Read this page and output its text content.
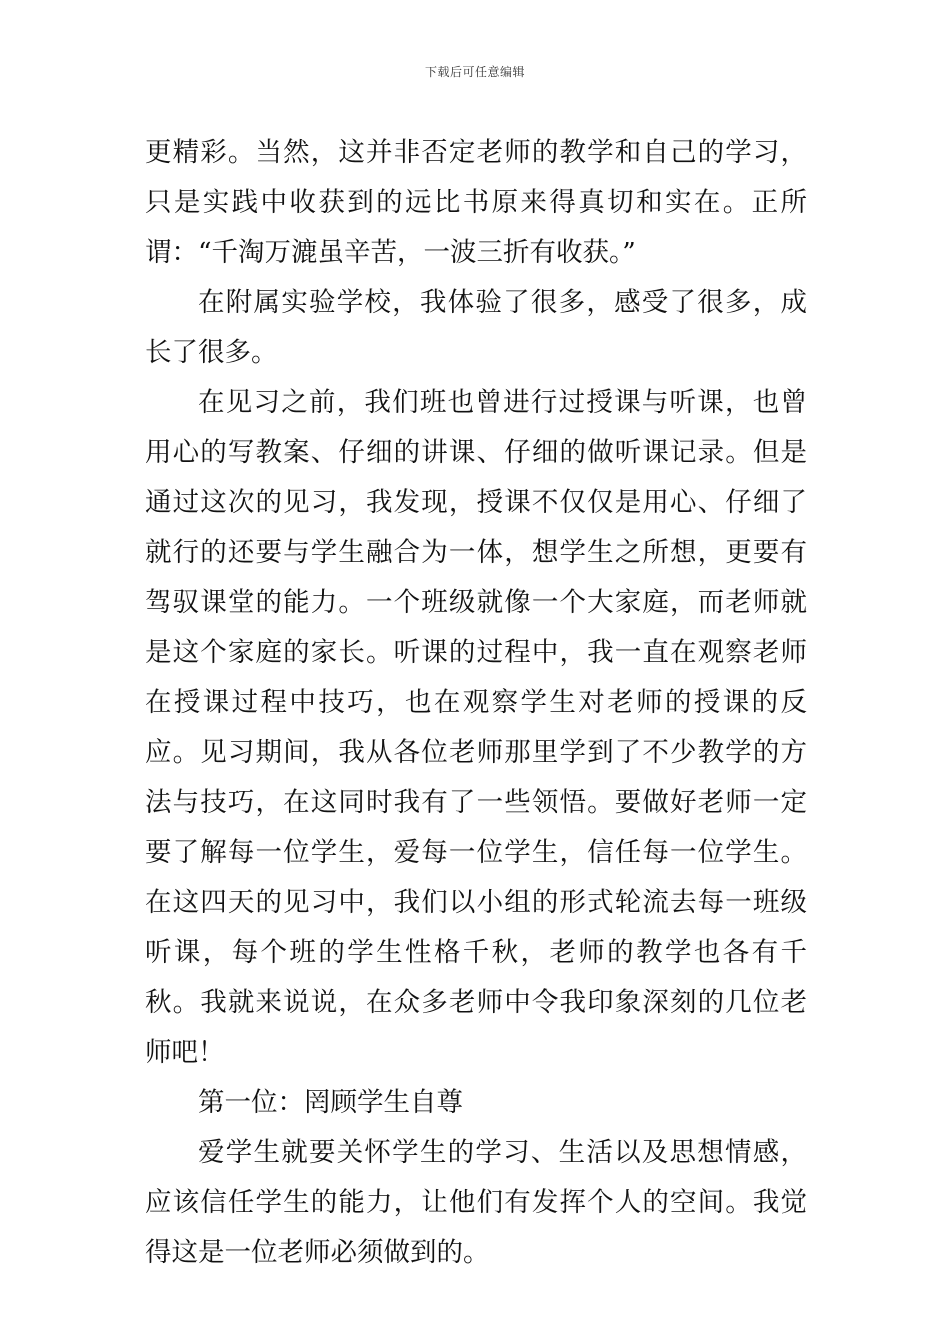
下载后可任意编辑

更精彩。当然，这并非否定老师的教学和自己的学习，只是实践中收获到的远比书原来得真切和实在。正所谓：“千淘万漉虽辛苦，一波三折有收获。”

在附属实验学校，我体验了很多，感受了很多，成长了很多。

在见习之前，我们班也曾进行过授课与听课，也曾用心的写教案、仔细的讲课、仔细的做听课记录。但是通过这次的见习，我发现，授课不仅仅是用心、仔细了就行的还要与学生融合为一体，想学生之所想，更要有驾驭课堂的能力。一个班级就像一个大家庭，而老师就是这个家庭的家长。听课的过程中，我一直在观察老师在授课过程中技巧，也在观察学生对老师的授课的反应。见习期间，我从各位老师那里学到了不少教学的方法与技巧，在这同时我有了一些领悟。要做好老师一定要了解每一位学生，爱每一位学生，信任每一位学生。在这四天的见习中，我们以小组的形式轮流去每一班级听课，每个班的学生性格千秋，老师的教学也各有千秋。我就来说说，在众多老师中令我印象深刻的几位老师吧！

第一位：罔顾学生自尊

爱学生就要关怀学生的学习、生活以及思想情感，应该信任学生的能力，让他们有发挥个人的空间。我觉得这是一位老师必须做到的。
